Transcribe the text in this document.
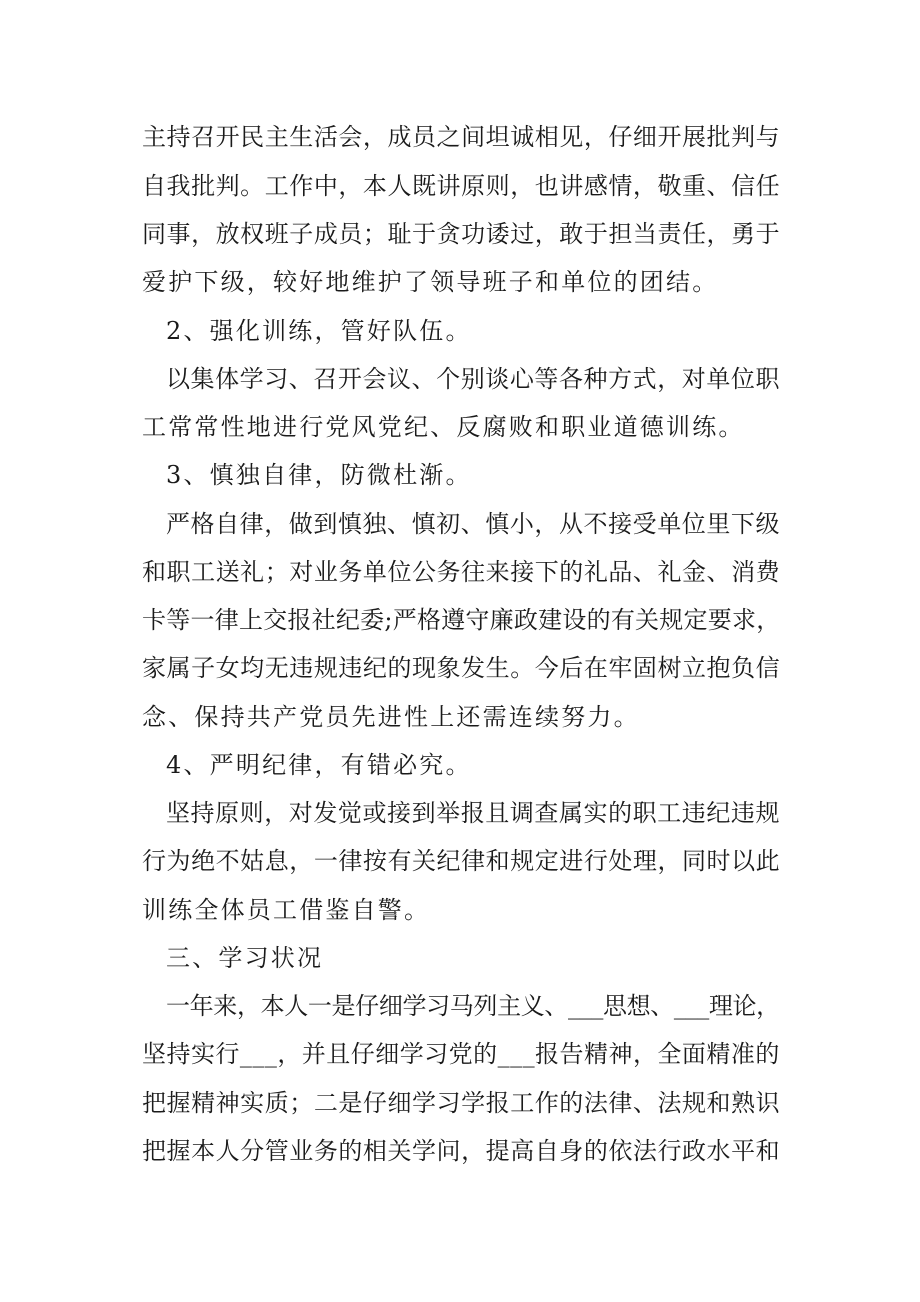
主持召开民主生活会，成员之间坦诚相见，仔细开展批判与

自我批判。工作中，本人既讲原则，也讲感情，敬重、信任

同事，放权班子成员；耻于贪功诿过，敢于担当责任，勇于

爱护下级，较好地维护了领导班子和单位的团结。

2、强化训练，管好队伍。

以集体学习、召开会议、个别谈心等各种方式，对单位职

工常常性地进行党风党纪、反腐败和职业道德训练。

3、慎独自律，防微杜渐。

严格自律，做到慎独、慎初、慎小，从不接受单位里下级

和职工送礼；对业务单位公务往来接下的礼品、礼金、消费

卡等一律上交报社纪委;严格遵守廉政建设的有关规定要求，

家属子女均无违规违纪的现象发生。今后在牢固树立抱负信

念、保持共产党员先进性上还需连续努力。

4、严明纪律，有错必究。

坚持原则，对发觉或接到举报且调查属实的职工违纪违规

行为绝不姑息，一律按有关纪律和规定进行处理，同时以此

训练全体员工借鉴自警。

三、学习状况

一年来，本人一是仔细学习马列主义、___思想、___理论，

坚持实行___，并且仔细学习党的___报告精神，全面精准的

把握精神实质；二是仔细学习学报工作的法律、法规和熟识

把握本人分管业务的相关学问，提高自身的依法行政水平和
